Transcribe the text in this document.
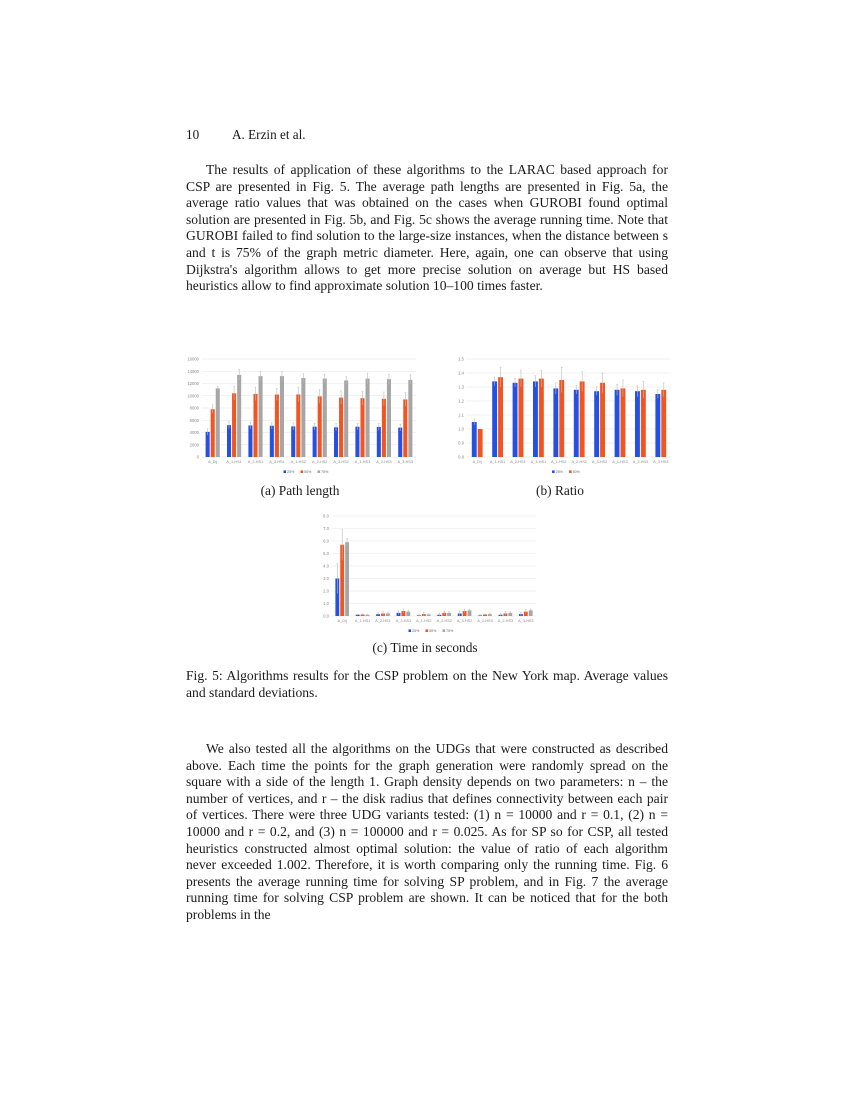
10 A. Erzin et al.
The results of application of these algorithms to the LARAC based approach for CSP are presented in Fig. 5. The average path lengths are presented in Fig. 5a, the average ratio values that was obtained on the cases when GUROBI found optimal solution are presented in Fig. 5b, and Fig. 5c shows the average running time. Note that GUROBI failed to find solution to the large-size instances, when the distance between s and t is 75% of the graph metric diameter. Here, again, one can observe that using Dijkstra's algorithm allows to get more precise solution on average but HS based heuristics allow to find approximate solution 10–100 times faster.
0
2000
4000
6000
8000
10000
12000
14000
16000
A_Dij A_1-HS1 A_2-HS1 A_3-HS1 A_1-HS2 A_2-HS2 A_3-HS2 A_1-HS3 A_2-HS3 A_3-HS3
25%	50%	75%
0.8
0.9
1.0
1.1
1.2
1.3
1.4
1.5
A_Dij A_1-HS1 A_2-HS1 A_3-HS1 A_1-HS2 A_2-HS2 A_3-HS2 A_1-HS3 A_2-HS3 A_3-HS3
25%	50%
(a) Path length	(b) Ratio
0.0
1.0
2.0
3.0
4.0
5.0
6.0
7.0
8.0
A_Dij A_1-HS1 A_2-HS1 A_3-HS1 A_1-HS2 A_2-HS2 A_3-HS2 A_1-HS3 A_2-HS3 A_3-HS3
25%	50%	75%
(c) Time in seconds
Fig. 5: Algorithms results for the CSP problem on the New York map. Average values and standard deviations.
We also tested all the algorithms on the UDGs that were constructed as described above. Each time the points for the graph generation were randomly spread on the square with a side of the length 1. Graph density depends on two parameters: n – the number of vertices, and r – the disk radius that defines connectivity between each pair of vertices. There were three UDG variants tested: (1) n = 10000 and r = 0.1, (2) n = 10000 and r = 0.2, and (3) n = 100000 and r = 0.025. As for SP so for CSP, all tested heuristics constructed almost optimal solution: the value of ratio of each algorithm never exceeded 1.002. Therefore, it is worth comparing only the running time. Fig. 6 presents the average running time for solving SP problem, and in Fig. 7 the average running time for solving CSP problem are shown. It can be noticed that for the both problems in the
